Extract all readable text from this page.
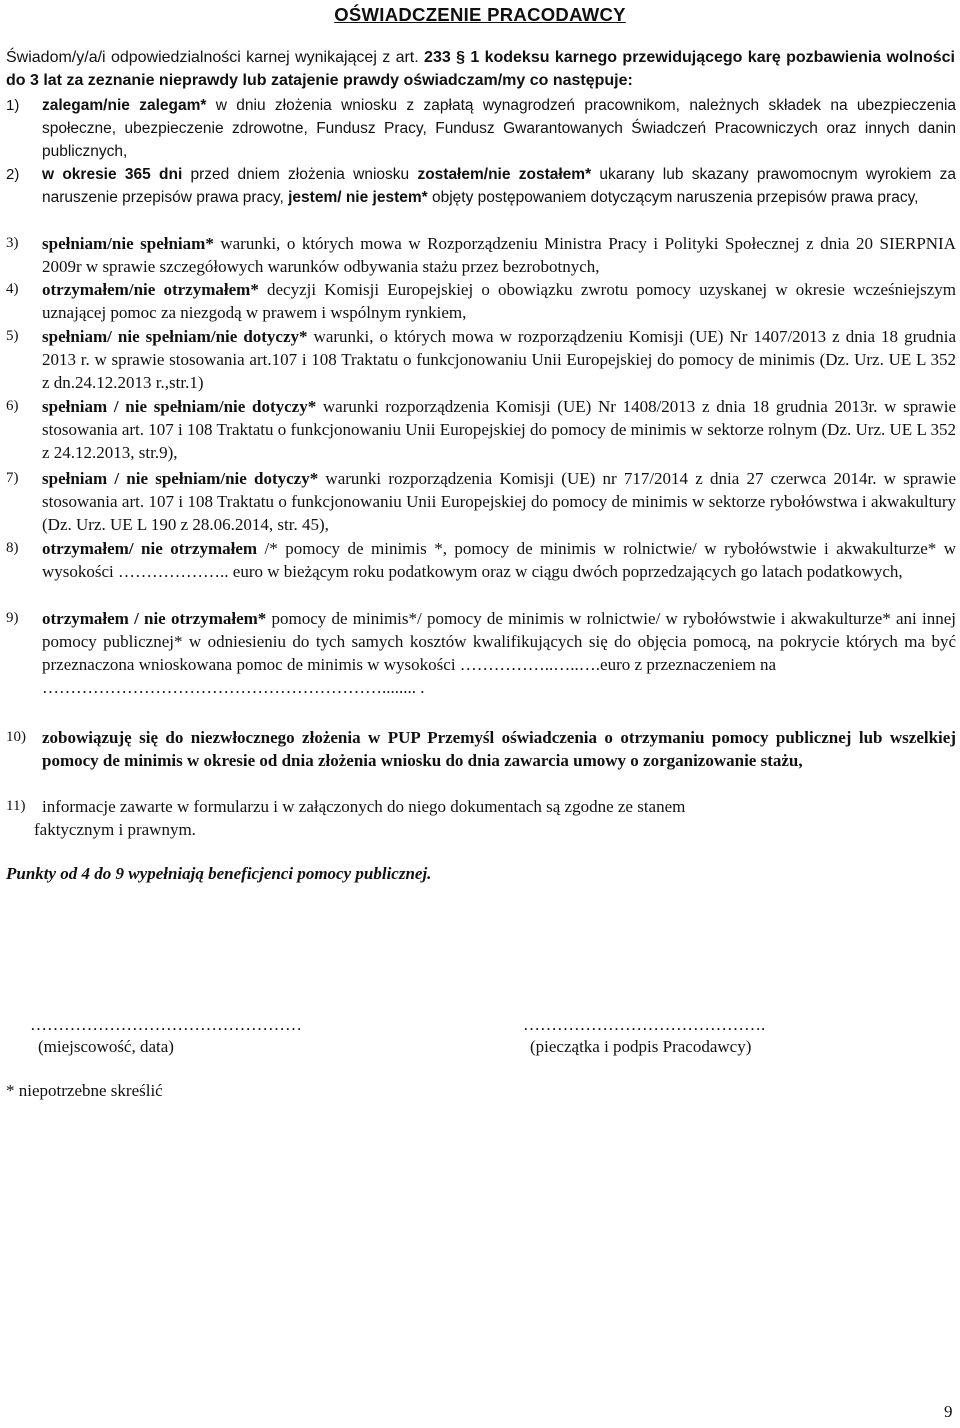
OŚWIADCZENIE PRACODAWCY
Świadom/y/a/i odpowiedzialności karnej wynikającej z art. 233 § 1 kodeksu karnego przewidującego karę pozbawienia wolności do 3 lat za zeznanie nieprawdy lub zatajenie prawdy oświadczam/my co następuje:
1)	zalegam/nie zalegam* w dniu złożenia wniosku z zapłatą wynagrodzeń pracownikom, należnych składek na ubezpieczenia społeczne, ubezpieczenie zdrowotne, Fundusz Pracy, Fundusz Gwarantowanych Świadczeń Pracowniczych oraz innych danin publicznych,
2)	w okresie 365 dni przed dniem złożenia wniosku zostałem/nie zostałem* ukarany lub skazany prawomocnym wyrokiem za naruszenie przepisów prawa pracy, jestem/ nie jestem* objęty postępowaniem dotyczącym naruszenia przepisów prawa pracy,
3)	spełniam/nie spełniam* warunki, o których mowa w Rozporządzeniu Ministra Pracy i Polityki Społecznej z dnia 20 SIERPNIA 2009r w sprawie szczegółowych warunków odbywania stażu przez bezrobotnych,
4)	otrzymałem/nie otrzymałem* decyzji Komisji Europejskiej o obowiązku zwrotu pomocy uzyskanej w okresie wcześniejszym uznającej pomoc za niezgodą w prawem i wspólnym rynkiem,
5)	spełniam/ nie spełniam/nie dotyczy* warunki, o których mowa w rozporządzeniu Komisji (UE) Nr 1407/2013 z dnia 18 grudnia 2013 r. w sprawie stosowania art.107 i 108 Traktatu o funkcjonowaniu Unii Europejskiej do pomocy de minimis (Dz. Urz. UE L 352 z dn.24.12.2013 r.,str.1)
6)	spełniam / nie spełniam/nie dotyczy* warunki rozporządzenia Komisji (UE) Nr 1408/2013 z dnia 18 grudnia 2013r. w sprawie stosowania art. 107 i 108 Traktatu o funkcjonowaniu Unii Europejskiej do pomocy de minimis w sektorze rolnym (Dz. Urz. UE L 352 z 24.12.2013, str.9),
7)	spełniam / nie spełniam/nie dotyczy* warunki rozporządzenia Komisji (UE) nr 717/2014 z dnia 27 czerwca 2014r. w sprawie stosowania art. 107 i 108 Traktatu o funkcjonowaniu Unii Europejskiej do pomocy de minimis w sektorze rybołówstwa i akwakultury (Dz. Urz. UE L 190 z 28.06.2014, str. 45),
8)	otrzymałem/ nie otrzymałem /* pomocy de minimis *, pomocy de minimis w rolnictwie/ w rybołówstwie i akwakulturze* w wysokości ……………….. euro w bieżącym roku podatkowym oraz w ciągu dwóch poprzedzających go latach podatkowych,
9)	otrzymałem / nie otrzymałem* pomocy de minimis*/ pomocy de minimis w rolnictwie/ w rybołówstwie i akwakulturze* ani innej pomocy publicznej* w odniesieniu do tych samych kosztów kwalifikujących się do objęcia pomocą, na pokrycie których ma być przeznaczona wnioskowana pomoc de minimis w wysokości ……………..…..….euro z przeznaczeniem na
……………………………………………………........ .
10) zobowiązuję się do niezwłocznego złożenia w PUP Przemyśl oświadczenia o otrzymaniu pomocy publicznej lub wszelkiej pomocy de minimis w okresie od dnia złożenia wniosku do dnia zawarcia umowy o zorganizowanie stażu,
11) informacje zawarte w formularzu i w załączonych do niego dokumentach są zgodne ze stanem
faktycznym i prawnym.
Punkty od 4 do 9 wypełniają beneficjenci pomocy publicznej.
…………………………………………	…………………………………….
(miejscowość, data)	(pieczątka i podpis Pracodawcy)
* niepotrzebne skreślić
9
